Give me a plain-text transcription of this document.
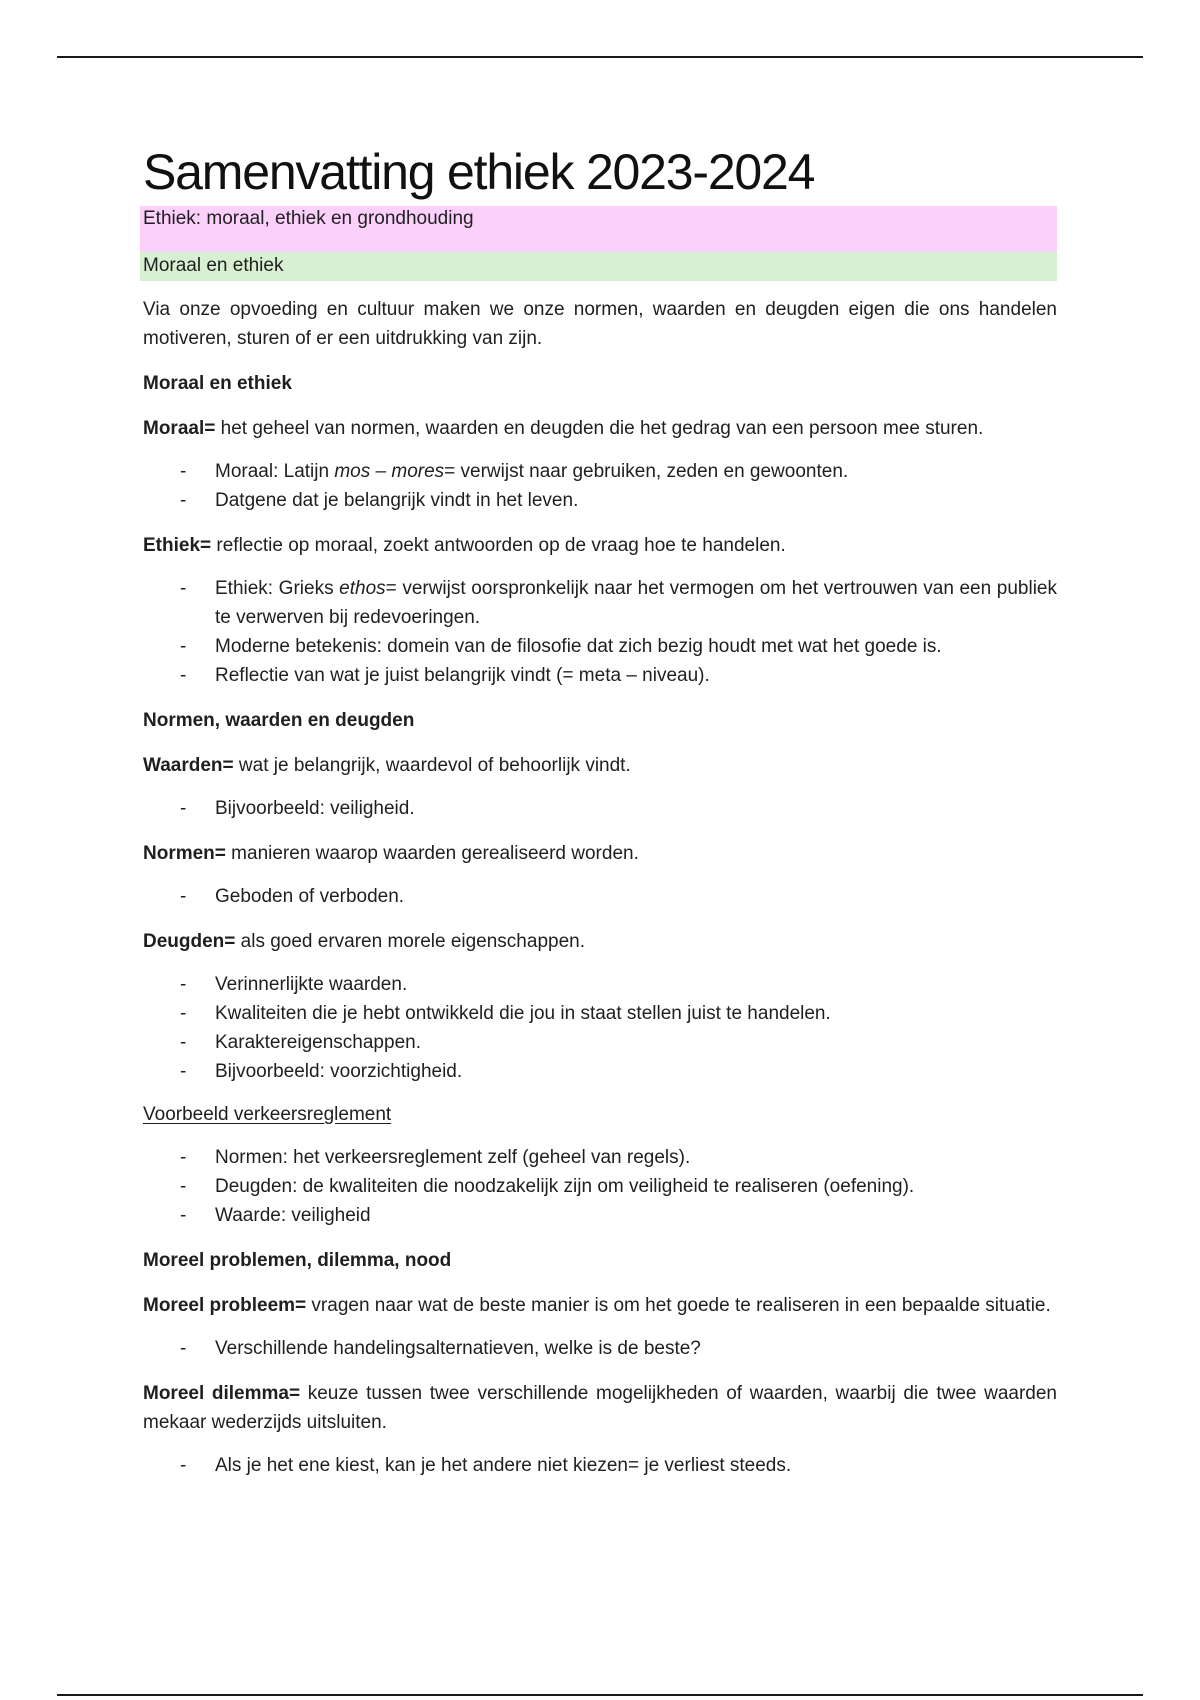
Samenvatting ethiek 2023-2024
Ethiek: moraal, ethiek en grondhouding
Moraal en ethiek

Via onze opvoeding en cultuur maken we onze normen, waarden en deugden eigen die ons handelen motiveren, sturen of er een uitdrukking van zijn.

Moraal en ethiek

Moraal= het geheel van normen, waarden en deugden die het gedrag van een persoon mee sturen.

- Moraal: Latijn mos – mores= verwijst naar gebruiken, zeden en gewoonten.
- Datgene dat je belangrijk vindt in het leven.

Ethiek= reflectie op moraal, zoekt antwoorden op de vraag hoe te handelen.

- Ethiek: Grieks ethos= verwijst oorspronkelijk naar het vermogen om het vertrouwen van een publiek te verwerven bij redevoeringen.
- Moderne betekenis: domein van de filosofie dat zich bezig houdt met wat het goede is.
- Reflectie van wat je juist belangrijk vindt (= meta – niveau).

Normen, waarden en deugden

Waarden= wat je belangrijk, waardevol of behoorlijk vindt.

- Bijvoorbeeld: veiligheid.

Normen= manieren waarop waarden gerealiseerd worden.

- Geboden of verboden.

Deugden= als goed ervaren morele eigenschappen.

- Verinnerlijkte waarden.
- Kwaliteiten die je hebt ontwikkeld die jou in staat stellen juist te handelen.
- Karaktereigenschappen.
- Bijvoorbeeld: voorzichtigheid.

Voorbeeld verkeersreglement

- Normen: het verkeersreglement zelf (geheel van regels).
- Deugden: de kwaliteiten die noodzakelijk zijn om veiligheid te realiseren (oefening).
- Waarde: veiligheid

Moreel problemen, dilemma, nood

Moreel probleem= vragen naar wat de beste manier is om het goede te realiseren in een bepaalde situatie.

- Verschillende handelingsalternatieven, welke is de beste?

Moreel dilemma= keuze tussen twee verschillende mogelijkheden of waarden, waarbij die twee waarden mekaar wederzijds uitsluiten.

- Als je het ene kiest, kan je het andere niet kiezen= je verliest steeds.
